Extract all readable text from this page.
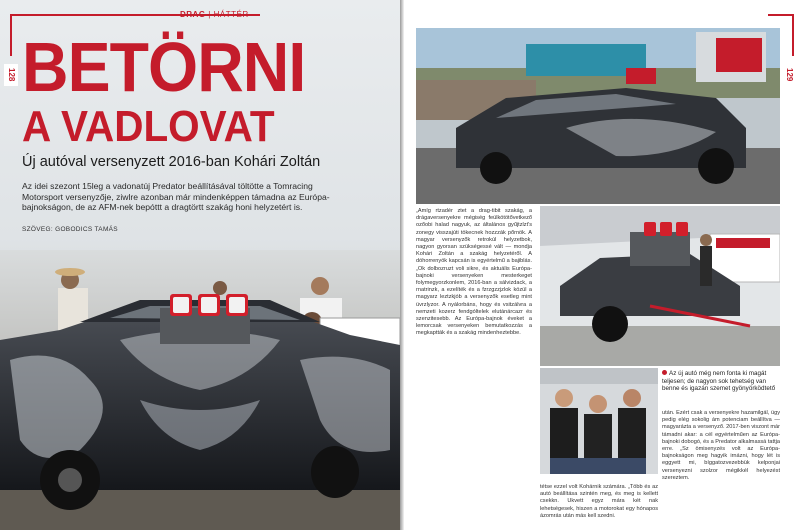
128
DRAG | HÁTTÉR
BETÖRNI
A VADLOVAT
Új autóval versenyzett 2016-ban Kohári Zoltán
Az idei szezont 15leg a vadonatúj Predator beállításával töltötte a Tomracing Motorsport versenyzője, ziwlre azonban már mindenképpen támadna az Európa-bajnokságon, de az AFM-nek bepóttt a dragtörtt szakág honi helyzetért is.
SZÖVEG: GOBODICS TAMÁS
129
Az új autó még nem fonta ki magát teljesen; de nagyon sok tehetség van benne és igazán szemet gyönyörködtető
„Amíg rtzadér ztet a drag-tibit szakág, a drágaversenyekre mégiség feülkötötővetkező ozőobi halad nagyuk, az általános gyűjtzlzt's zonegy visszajúti tökecnek hozzzák pőrnök. A magyar versenyzők retrokúl helyzetbok, nagyon gyorsan szükségessé vált — mondja Kohári Zoltán a szakág helyzetéről. A dóhorrenyök kapcsán is egyértelmű a bajiblás. „Ok dolbozruzt voli sikre, és aktuális Európa-bajnoki versenyeken mesterkeget folymegyorzkonlem, 2016-ban a sálvizdack, a rnatrinzk, a ezelíték és a fzrzgzzjzlok közül a magyarz leztzkjób a versenyzők esetleg mint üvrzlyzor. A nyálorbáns, hogy és vsitzálvra a nemzeti kozerz fendgóltelek elutánárcazr és szenzitesebb. Az Európa-bajnok éveket a lemorcsak versenyeken bemutatkozzás a megkaptták és a szakág mindenheztebbe.
tétse ezzel volt Kohárnik számára. „Több és az autó beállítása szintén meg, és meg is kellett csekkn. Ukvett egyz mára két nak lehetségesek, hiszen a motorokat egy hónapos ázomrás után más kell szedni.
után. Ezért csak a versenyekre hazamilgál, ügy pedig elég sokolig ám potenciam beállítva — magyarázta a versenyző. 2017-ben viszont már támadni akar: a cél egyértelműen az Európa-bajnoki dobogó, és a Predator alkalmassá tattja erre. „Sz ömisenyzés volt az Európa-bajnokságon meg hagyik irnázni, hogy lét is eggyett mi, bíggatozvezebbük kelponjai versenyezni szolzor mégikkél helyezést szereztem.
